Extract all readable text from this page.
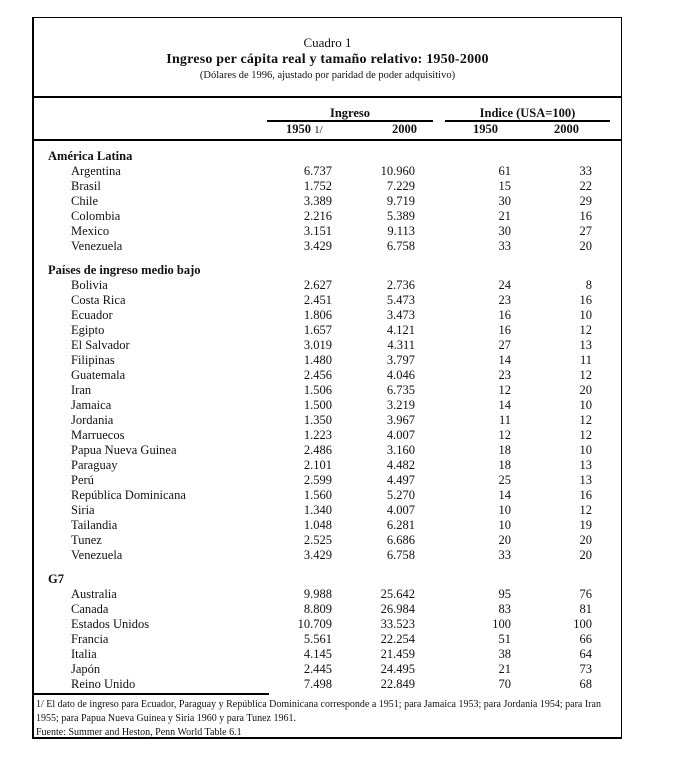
Cuadro 1
Ingreso per cápita real y tamaño relativo: 1950-2000
(Dólares de 1996, ajustado por paridad de poder adquisitivo)
Ingreso	Indice (USA=100)
1950 1/	2000	1950	2000
América Latina
Argentina	6.737	10.960	61	33
Brasil	1.752	7.229	15	22
Chile	3.389	9.719	30	29
Colombia	2.216	5.389	21	16
Mexico	3.151	9.113	30	27
Venezuela	3.429	6.758	33	20
Países de ingreso medio bajo
Bolivia	2.627	2.736	24	8
Costa Rica	2.451	5.473	23	16
Ecuador	1.806	3.473	16	10
Egipto	1.657	4.121	16	12
El Salvador	3.019	4.311	27	13
Filipinas	1.480	3.797	14	11
Guatemala	2.456	4.046	23	12
Iran	1.506	6.735	12	20
Jamaica	1.500	3.219	14	10
Jordania	1.350	3.967	11	12
Marruecos	1.223	4.007	12	12
Papua Nueva Guinea	2.486	3.160	18	10
Paraguay	2.101	4.482	18	13
Perú	2.599	4.497	25	13
República Dominicana	1.560	5.270	14	16
Siria	1.340	4.007	10	12
Tailandia	1.048	6.281	10	19
Tunez	2.525	6.686	20	20
Venezuela	3.429	6.758	33	20
G7
Australia	9.988	25.642	95	76
Canada	8.809	26.984	83	81
Estados Unidos	10.709	33.523	100	100
Francia	5.561	22.254	51	66
Italia	4.145	21.459	38	64
Japón	2.445	24.495	21	73
Reino Unido	7.498	22.849	70	68
1/ El dato de ingreso para Ecuador, Paraguay y República Dominicana corresponde a 1951; para Jamaica 1953; para Jordania 1954; para Iran 1955; para Papua Nueva Guinea y Siria 1960 y para Tunez 1961.
Fuente: Summer and Heston, Penn World Table 6.1
